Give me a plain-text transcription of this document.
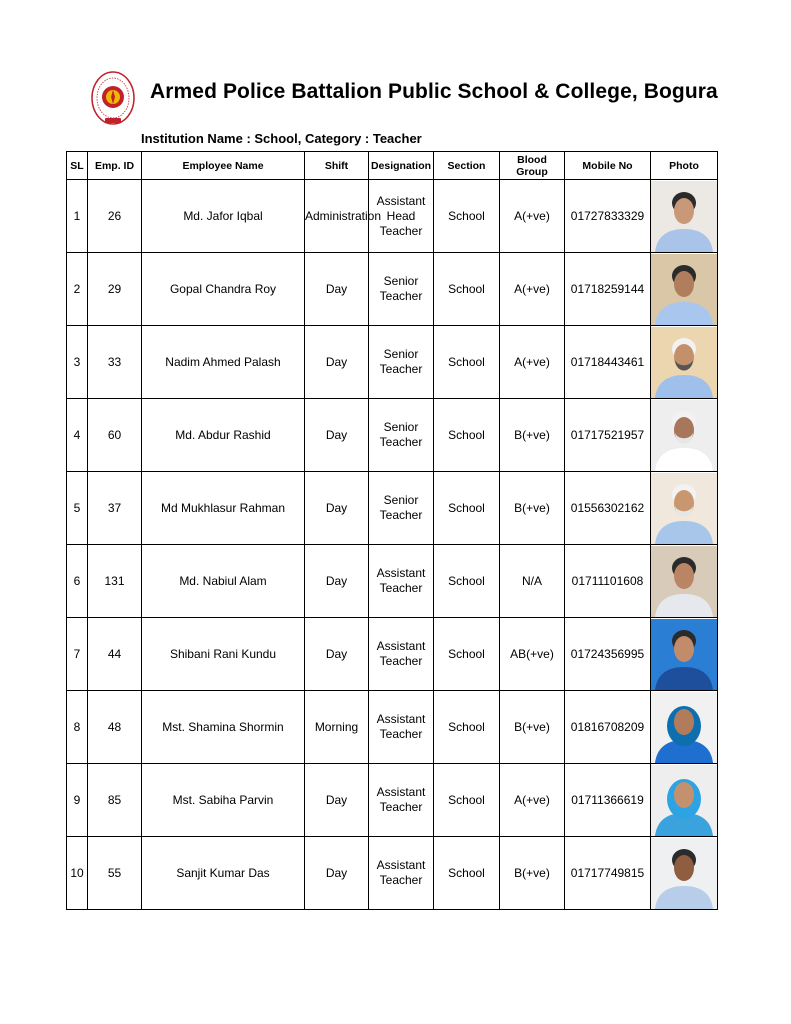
Armed Police Battalion Public School & College, Bogura
Institution Name : School, Category : Teacher
SL	Emp. ID	Employee Name	Shift	Designation	Section	Blood Group	Mobile No	Photo
1	26	Md. Jafor Iqbal	Administration	Assistant Head Teacher	School	A(+ve)	01727833329	

2	29	Gopal Chandra Roy	Day	Senior Teacher	School	A(+ve)	01718259144	

3	33	Nadim Ahmed Palash	Day	Senior Teacher	School	A(+ve)	01718443461	

4	60	Md. Abdur Rashid	Day	Senior Teacher	School	B(+ve)	01717521957	

5	37	Md Mukhlasur Rahman	Day	Senior Teacher	School	B(+ve)	01556302162	

6	131	Md. Nabiul Alam	Day	Assistant Teacher	School	N/A	01711101608	

7	44	Shibani Rani Kundu	Day	Assistant Teacher	School	AB(+ve)	01724356995	

8	48	Mst. Shamina Shormin	Morning	Assistant Teacher	School	B(+ve)	01816708209	

9	85	Mst. Sabiha Parvin	Day	Assistant Teacher	School	A(+ve)	01711366619	

10	55	Sanjit Kumar Das	Day	Assistant Teacher	School	B(+ve)	01717749815	
